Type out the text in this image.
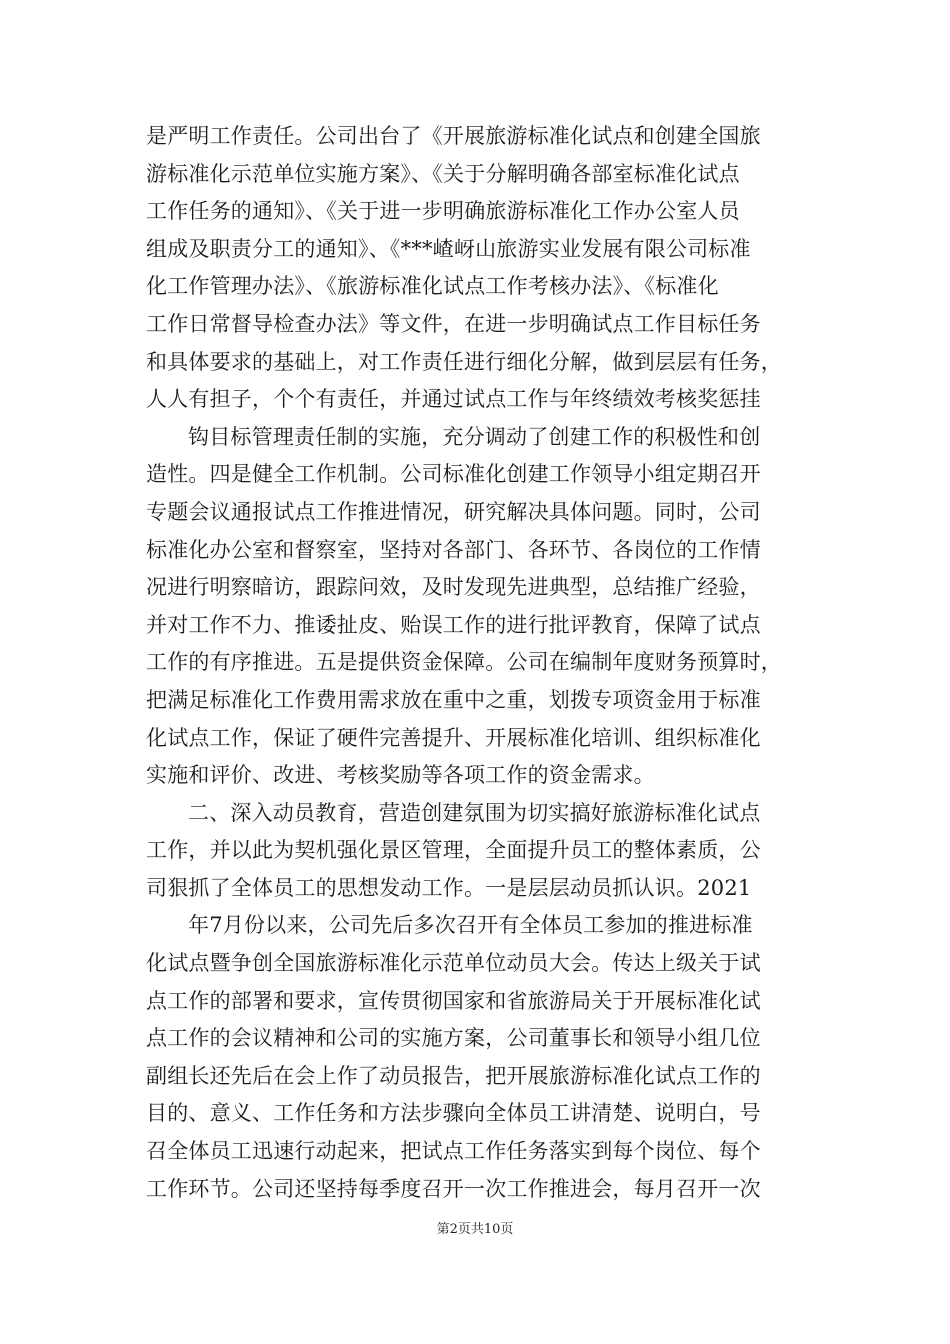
是严明工作责任。公司出台了《开展旅游标准化试点和创建全国旅
游标准化示范单位实施方案》、《关于分解明确各部室标准化试点
工作任务的通知》、《关于进一步明确旅游标准化工作办公室人员
组成及职责分工的通知》、《***嵖岈山旅游实业发展有限公司标准
化工作管理办法》、《旅游标准化试点工作考核办法》、《标准化
工作日常督导检查办法》等文件，在进一步明确试点工作目标任务
和具体要求的基础上，对工作责任进行细化分解，做到层层有任务，
人人有担子，个个有责任，并通过试点工作与年终绩效考核奖惩挂
钩目标管理责任制的实施，充分调动了创建工作的积极性和创
造性。四是健全工作机制。公司标准化创建工作领导小组定期召开
专题会议通报试点工作推进情况，研究解决具体问题。同时，公司
标准化办公室和督察室，坚持对各部门、各环节、各岗位的工作情
况进行明察暗访，跟踪问效，及时发现先进典型，总结推广经验，
并对工作不力、推诿扯皮、贻误工作的进行批评教育，保障了试点
工作的有序推进。五是提供资金保障。公司在编制年度财务预算时，
把满足标准化工作费用需求放在重中之重，划拨专项资金用于标准
化试点工作，保证了硬件完善提升、开展标准化培训、组织标准化
实施和评价、改进、考核奖励等各项工作的资金需求。
二、深入动员教育，营造创建氛围为切实搞好旅游标准化试点
工作，并以此为契机强化景区管理，全面提升员工的整体素质，公
司狠抓了全体员工的思想发动工作。一是层层动员抓认识。2021
年7月份以来，公司先后多次召开有全体员工参加的推进标准
化试点暨争创全国旅游标准化示范单位动员大会。传达上级关于试
点工作的部署和要求，宣传贯彻国家和省旅游局关于开展标准化试
点工作的会议精神和公司的实施方案，公司董事长和领导小组几位
副组长还先后在会上作了动员报告，把开展旅游标准化试点工作的
目的、意义、工作任务和方法步骤向全体员工讲清楚、说明白，号
召全体员工迅速行动起来，把试点工作任务落实到每个岗位、每个
工作环节。公司还坚持每季度召开一次工作推进会，每月召开一次
第2页共10页
